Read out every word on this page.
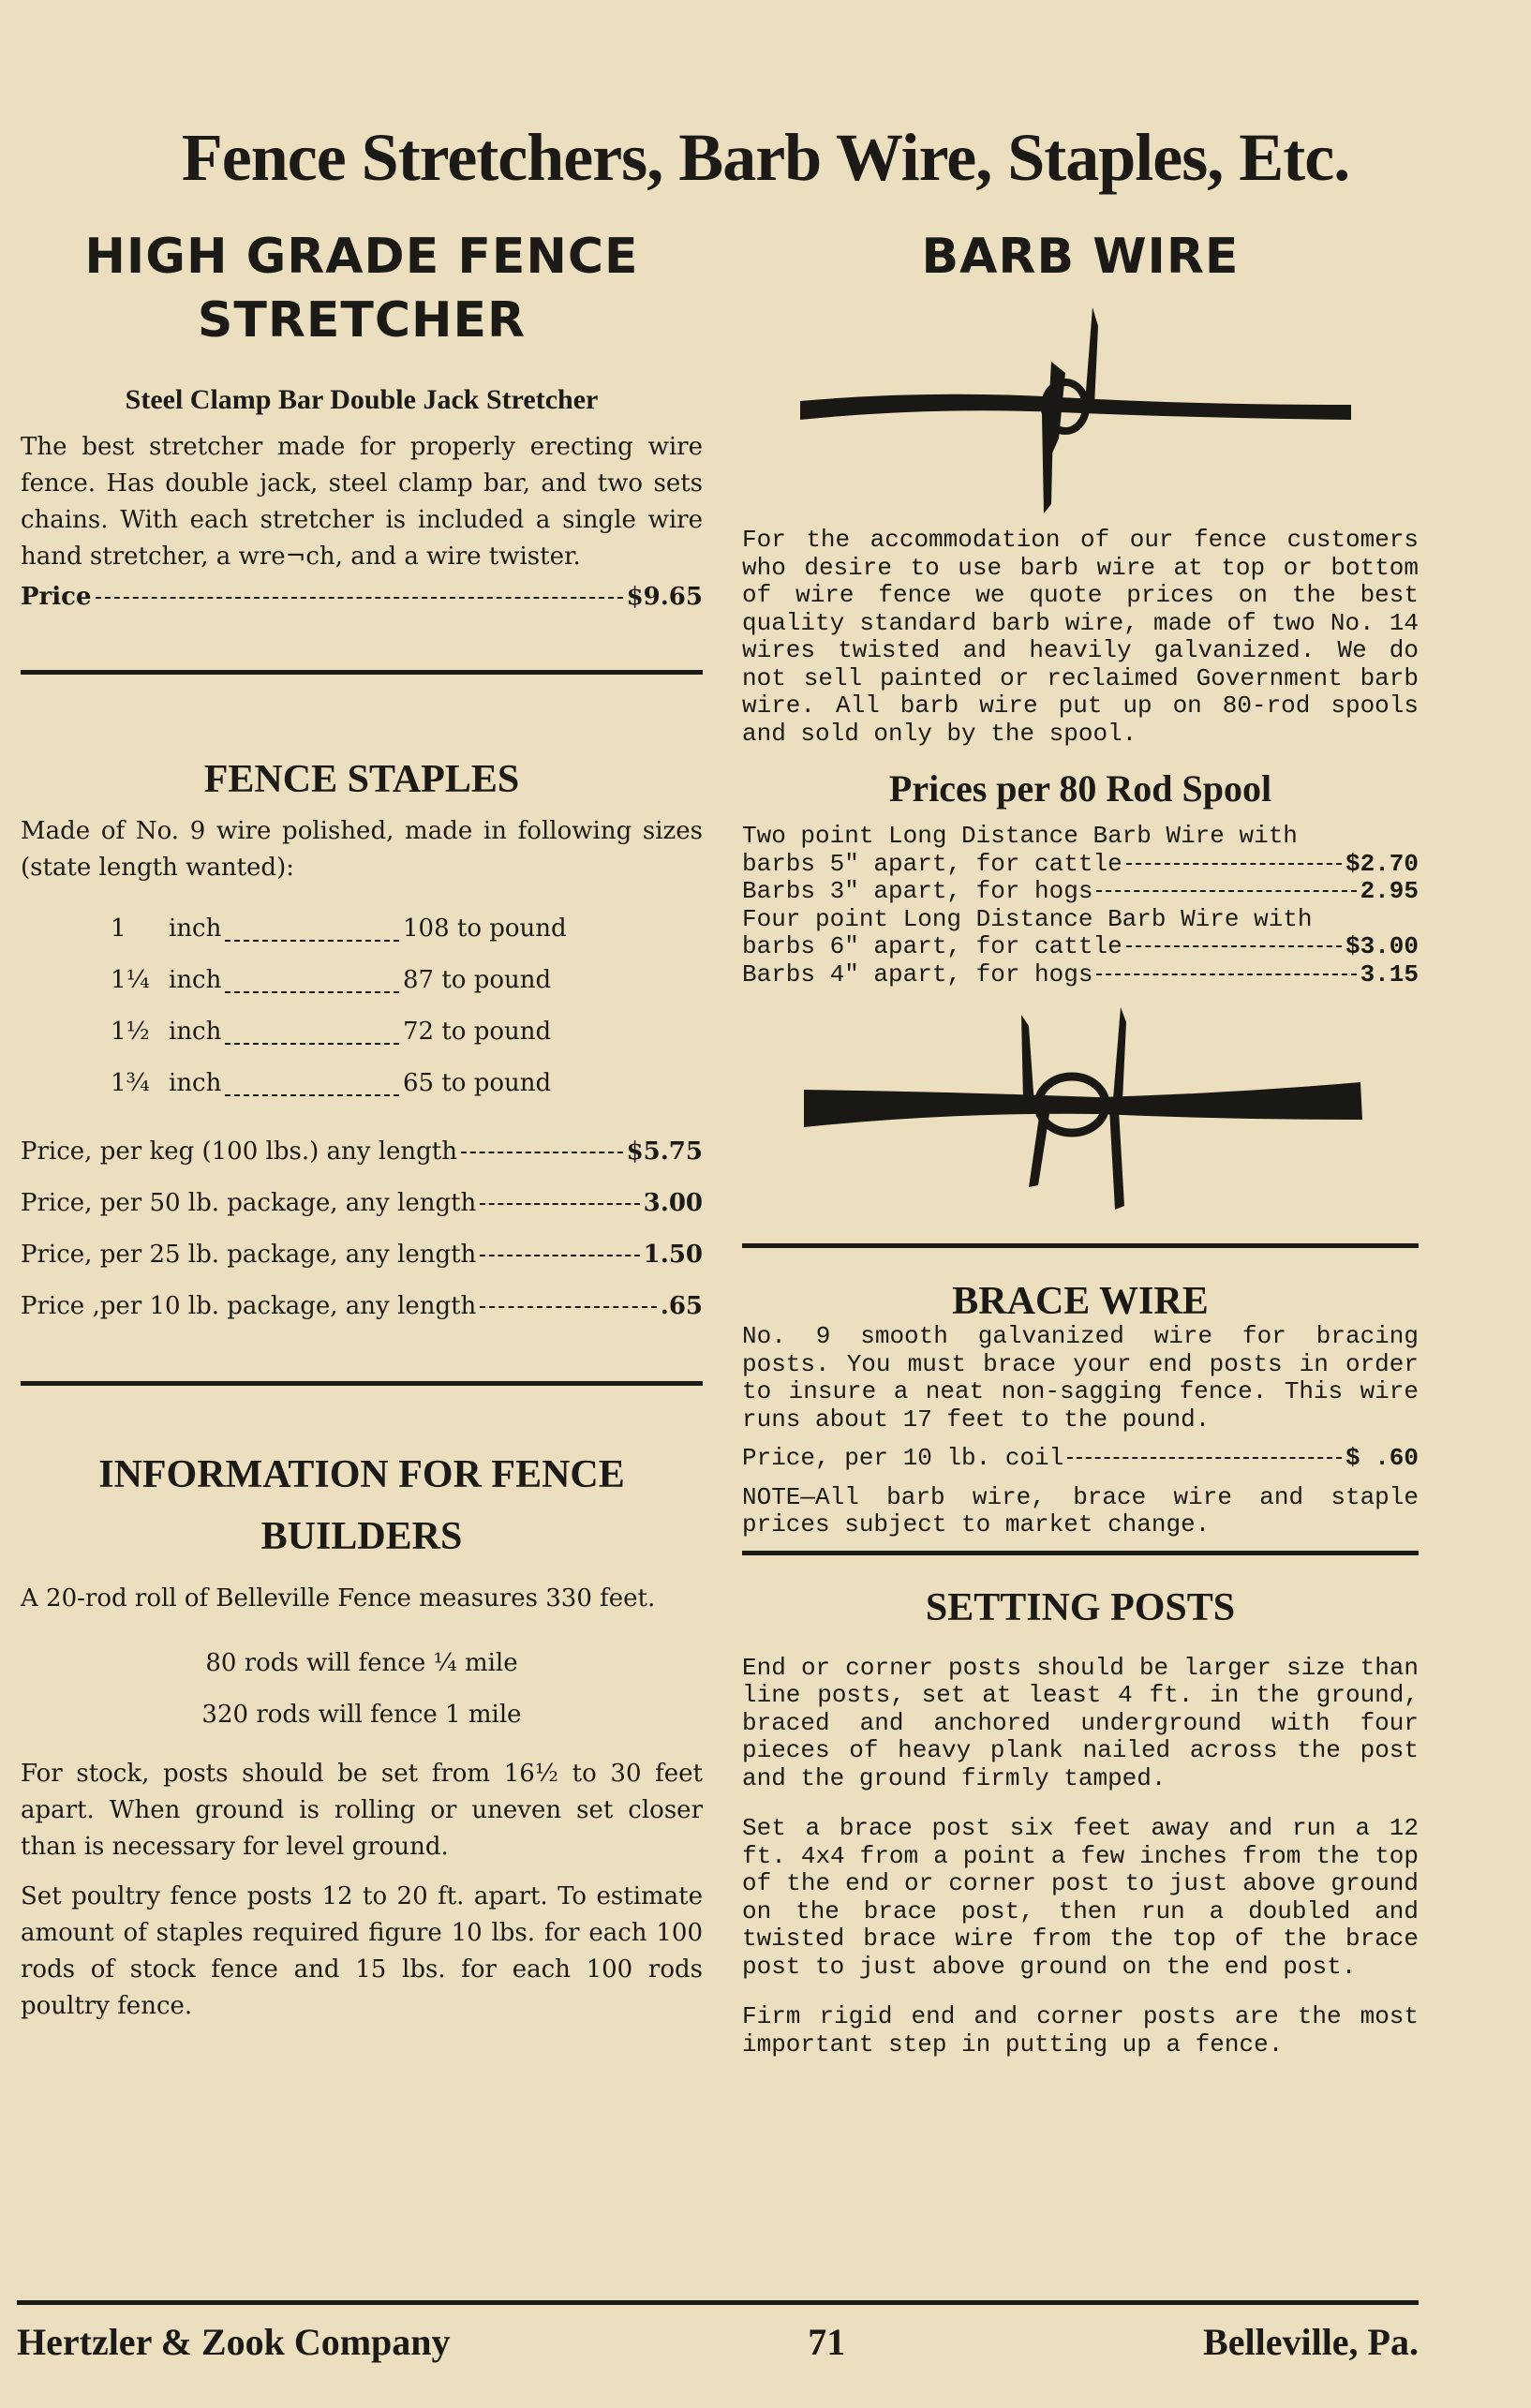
Fence Stretchers, Barb Wire, Staples, Etc.
HIGH GRADE FENCE
STRETCHER

Steel Clamp Bar Double Jack Stretcher

The best stretcher made for properly erecting wire fence. Has double jack, steel clamp bar, and two sets chains. With each stretcher is included a single wire hand stretcher, a wre¬ch, and a wire twister.

Price	$9.65
FENCE STAPLES

Made of No. 9 wire polished, made in following sizes (state length wanted):

1	inch	108 to pound
1¼ inch	87 to pound
1½ inch	72 to pound
1¾ inch	65 to pound
Price, per keg (100 lbs.) any length	$5.75
Price, per 50 lb. package, any length	3.00
Price, per 25 lb. package, any length	1.50
Price ,per 10 lb. package, any length	.65
INFORMATION FOR FENCE
BUILDERS

A 20-rod roll of Belleville Fence measures 330 feet.

80 rods will fence ¼ mile

320 rods will fence 1 mile

For stock, posts should be set from 16½ to 30 feet apart. When ground is rolling or uneven set closer than is necessary for level ground.

Set poultry fence posts 12 to 20 ft. apart. To estimate amount of staples required figure 10 lbs. for each 100 rods of stock fence and 15 lbs. for each 100 rods poultry fence.

BARB WIRE

For the accommodation of our fence customers who desire to use barb wire at top or bottom of wire fence we quote prices on the best quality standard barb wire, made of two No. 14 wires twisted and heavily galvanized. We do not sell painted or reclaimed Government barb wire. All barb wire put up on 80-rod spools and sold only by the spool.

Prices per 80 Rod Spool

Two point Long Distance Barb Wire with

barbs 5″ apart, for cattle	$2.70
Barbs 3″ apart, for hogs	2.95

Four point Long Distance Barb Wire with

barbs 6″ apart, for cattle	$3.00
Barbs 4″ apart, for hogs	3.15
BRACE WIRE

No. 9 smooth galvanized wire for bracing posts. You must brace your end posts in order to insure a neat non-sagging fence. This wire runs about 17 feet to the pound.

Price, per 10 lb. coil	$ .60

NOTE—All barb wire, brace wire and staple prices subject to market change.

SETTING POSTS

End or corner posts should be larger size than line posts, set at least 4 ft. in the ground, braced and anchored underground with four pieces of heavy plank nailed across the post and the ground firmly tamped.

Set a brace post six feet away and run a 12 ft. 4x4 from a point a few inches from the top of the end or corner post to just above ground on the brace post, then run a doubled and twisted brace wire from the top of the brace post to just above ground on the end post.

Firm rigid end and corner posts are the most important step in putting up a fence.

Hertzler & Zook Company	71	Belleville, Pa.
